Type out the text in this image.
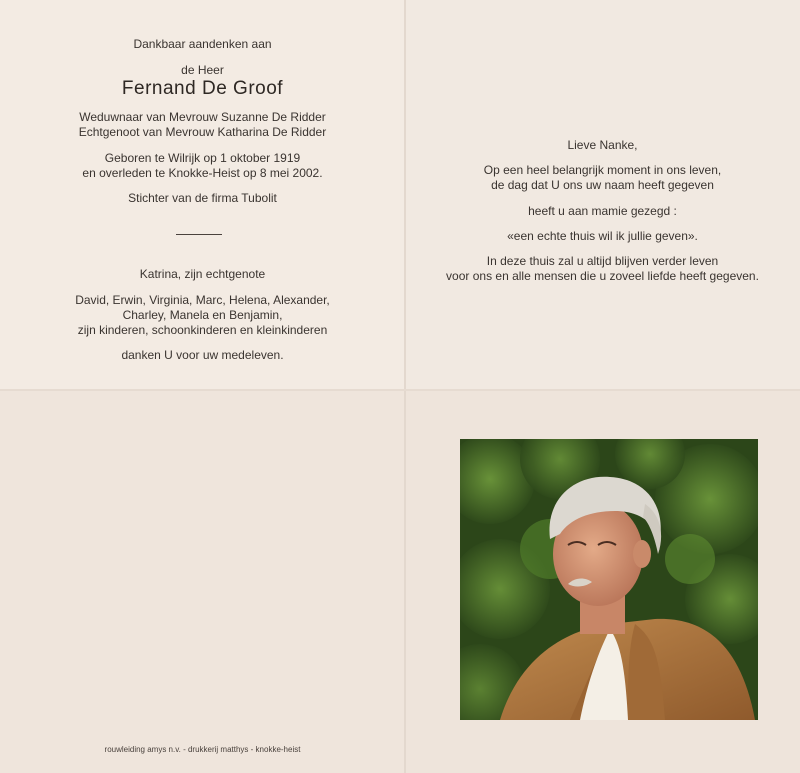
Dankbaar aandenken aan
de Heer
Fernand De Groof
Weduwnaar van Mevrouw Suzanne De Ridder
Echtgenoot van Mevrouw Katharina De Ridder
Geboren te Wilrijk op 1 oktober 1919
en overleden te Knokke-Heist op 8 mei 2002.
Stichter van de firma Tubolit
Katrina, zijn echtgenote
David, Erwin, Virginia, Marc, Helena, Alexander,
Charley, Manela en Benjamin,
zijn kinderen, schoonkinderen en kleinkinderen
danken U voor uw medeleven.
Lieve Nanke,
Op een heel belangrijk moment in ons leven,
de dag dat U ons uw naam heeft gegeven
heeft u aan mamie gezegd :
«een echte thuis wil ik jullie geven».
In deze thuis zal u altijd blijven verder leven
voor ons en alle mensen die u zoveel liefde heeft gegeven.
rouwleiding amys n.v. - drukkerij matthys - knokke-heist
